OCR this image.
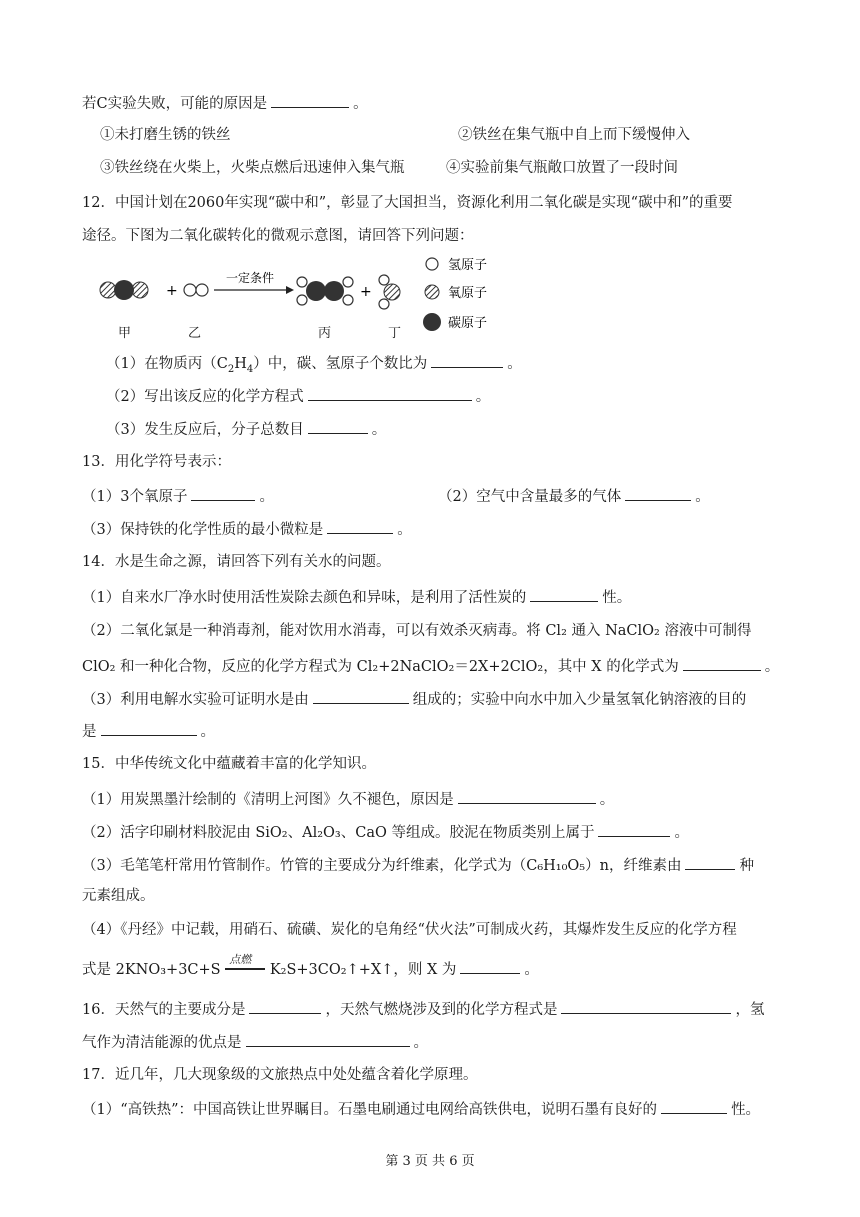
若C实验失败，可能的原因是	。
①未打磨生锈的铁丝	②铁丝在集气瓶中自上而下缓慢伸入
③铁丝绕在火柴上，火柴点燃后迅速伸入集气瓶	④实验前集气瓶敞口放置了一段时间
12．中国计划在2060年实现“碳中和”，彰显了大国担当，资源化利用二氧化碳是实现“碳中和”的重要
途径。下图为二氧化碳转化的微观示意图，请回答下列问题：
+
一定条件
+
氢原子
氧原子
碳原子
甲	乙	丙	丁
（1）在物质丙$(C_2H_4)$中，碳、氢原子个数比为	。
（2）写出该反应的化学方程式	。
（3）发生反应后，分子总数目	。
13．用化学符号表示：
（1）3个氧原子	。	（2）空气中含量最多的气体	。
（3）保持铁的化学性质的最小微粒是	。
14．水是生命之源，请回答下列有关水的问题。
（1）自来水厂净水时使用活性炭除去颜色和异味，是利用了活性炭的	性。
（2）二氧化氯是一种消毒剂，能对饮用水消毒，可以有效杀灭病毒。将 Cl₂ 通入 NaClO₂ 溶液中可制得
ClO₂ 和一种化合物，反应的化学方程式为 Cl₂+2NaClO₂＝2X+2ClO₂，其中 X 的化学式为	。
（3）利用电解水实验可证明水是由	组成的；实验中向水中加入少量氢氧化钠溶液的目的
是	。
15．中华传统文化中蕴藏着丰富的化学知识。
（1）用炭黑墨汁绘制的《清明上河图》久不褪色，原因是	。
（2）活字印刷材料胶泥由 SiO₂、Al₂O₃、CaO 等组成。胶泥在物质类别上属于	。
（3）毛笔笔杆常用竹管制作。竹管的主要成分为纤维素，化学式为（C₆H₁₀O₅）n，纤维素由	种
元素组成。
（4）《丹经》中记载，用硝石、硫磺、炭化的皂角经“伏火法”可制成火药，其爆炸发生反应的化学方程
式是 2KNO₃+3C+S
点燃
K₂S+3CO₂↑+X↑，则 X 为	。
16．天然气的主要成分是	，天然气燃烧涉及到的化学方程式是	，氢
气作为清洁能源的优点是	。
17．近几年，几大现象级的文旅热点中处处蕴含着化学原理。
（1）“高铁热”：中国高铁让世界瞩目。石墨电刷通过电网给高铁供电，说明石墨有良好的	性。
第 3 页 共 6 页
